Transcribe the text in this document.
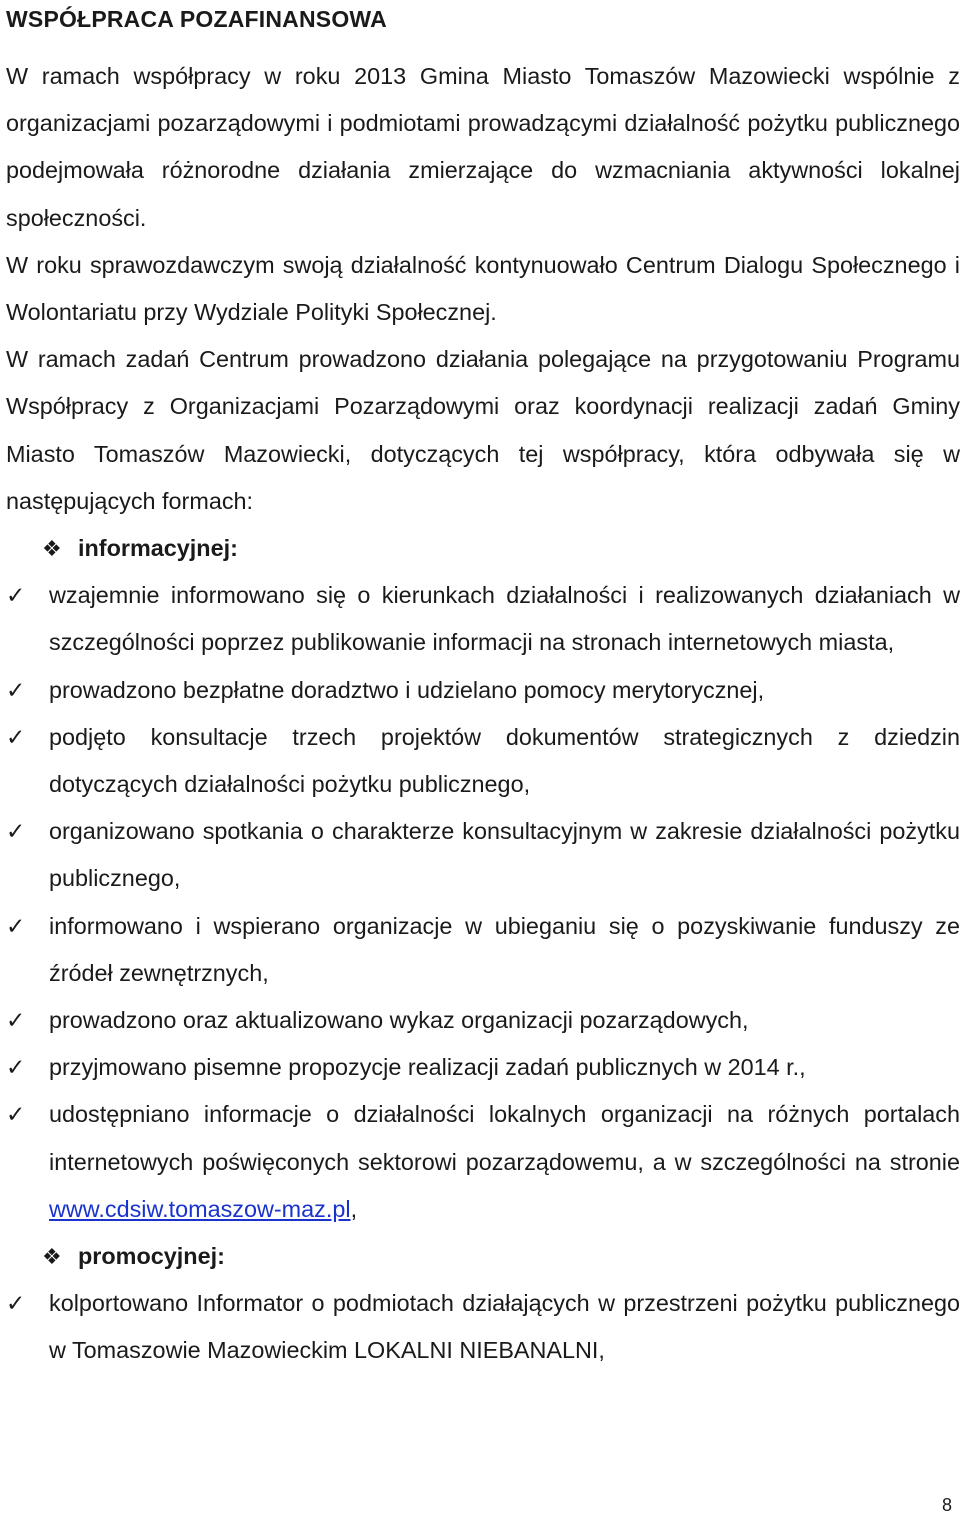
WSPÓŁPRACA POZAFINANSOWA

W ramach współpracy w roku 2013 Gmina Miasto Tomaszów Mazowiecki wspólnie z organizacjami pozarządowymi i podmiotami prowadzącymi działalność pożytku publicznego podejmowała różnorodne działania zmierzające do wzmacniania aktywności lokalnej społeczności.

W roku sprawozdawczym swoją działalność kontynuowało Centrum Dialogu Społecznego i Wolontariatu przy Wydziale Polityki Społecznej.

W ramach zadań Centrum prowadzono działania polegające na przygotowaniu Programu Współpracy z Organizacjami Pozarządowymi oraz koordynacji realizacji zadań Gminy Miasto Tomaszów Mazowiecki, dotyczących tej współpracy, która odbywała się w następujących formach:

❖ informacyjnej:
✓ wzajemnie informowano się o kierunkach działalności i realizowanych działaniach w szczególności poprzez publikowanie informacji na stronach internetowych miasta,
✓ prowadzono bezpłatne doradztwo i udzielano pomocy merytorycznej,
✓ podjęto konsultacje trzech projektów dokumentów strategicznych z dziedzin dotyczących działalności pożytku publicznego,
✓ organizowano spotkania o charakterze konsultacyjnym w zakresie działalności pożytku publicznego,
✓ informowano i wspierano organizacje w ubieganiu się o pozyskiwanie funduszy ze źródeł zewnętrznych,
✓ prowadzono oraz aktualizowano wykaz organizacji pozarządowych,
✓ przyjmowano pisemne propozycje realizacji zadań publicznych w 2014 r.,
✓ udostępniano informacje o działalności lokalnych organizacji na różnych portalach internetowych poświęconych sektorowi pozarządowemu, a w szczególności na stronie www.cdsiw.tomaszow-maz.pl,
❖ promocyjnej:
✓ kolportowano Informator o podmiotach działających w przestrzeni pożytku publicznego w Tomaszowie Mazowieckim LOKALNI NIEBANALNI,
8
